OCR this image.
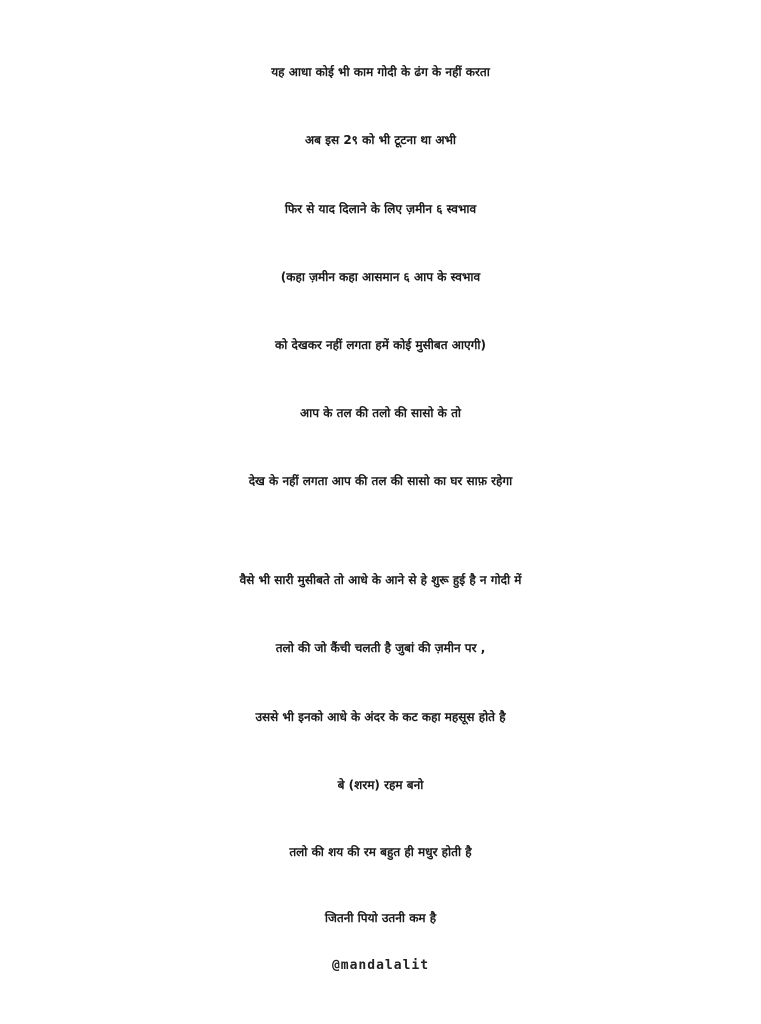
यह आधा कोई भी काम गोदी के ढंग के नहीं करता
अब इस 2९ को भी टूटना था अभी
फिर से याद दिलाने के लिए ज़मीन ६ स्वभाव
(कहा ज़मीन कहा आसमान ६ आप के स्वभाव
को देखकर नहीं लगता हमें कोई मुसीबत आएगी)
आप के तल की तलो की सासो के तो
देख के नहीं लगता आप की तल की सासो का घर साफ़ रहेगा
वैसे भी सारी मुसीबते तो आधे के आने से हे शुरू हुई है न गोदी में
तलो की जो कैंची चलती है जुबां की ज़मीन पर ,
उससे भी इनको आधे के अंदर के कट कहा महसूस होते है
बे (शरम) रहम बनो
तलो की शय की रम बहुत ही मधुर होती है
जितनी पियो उतनी कम है
@mandalalit
